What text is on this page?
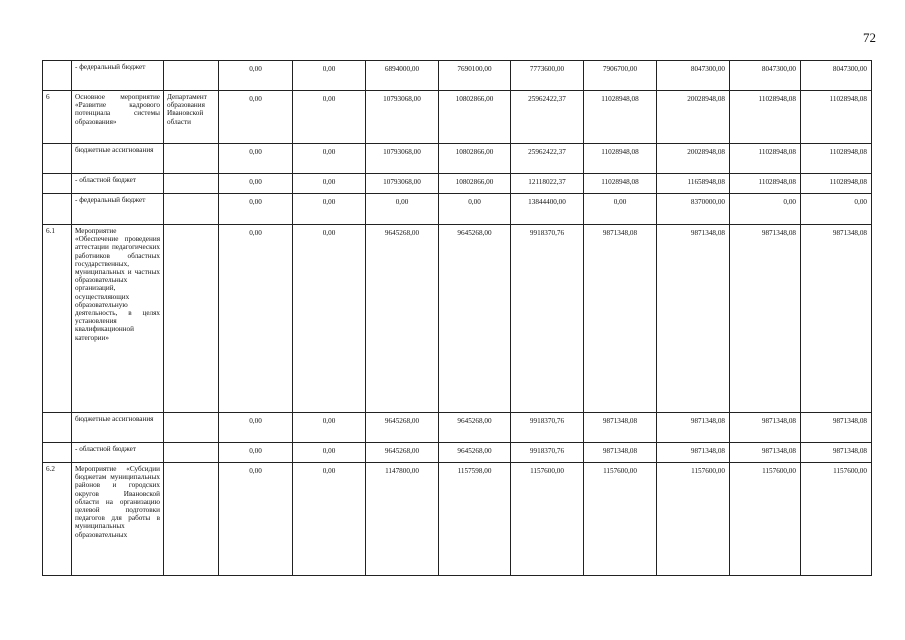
72
	- федеральный бюджет		0,00	0,00	6894000,00	7690100,00	7773600,00	7906700,00	8047300,00	8047300,00	8047300,00
6	Основное мероприятие «Развитие кадрового потенциала системы образования»	Департамент образования Ивановской области	0,00	0,00	10793068,00	10802866,00	25962422,37	11028948,08	20028948,08	11028948,08	11028948,08
	бюджетные ассигнования		0,00	0,00	10793068,00	10802866,00	25962422,37	11028948,08	20028948,08	11028948,08	11028948,08
	- областной бюджет		0,00	0,00	10793068,00	10802866,00	12118022,37	11028948,08	11658948,08	11028948,08	11028948,08
	- федеральный бюджет		0,00	0,00	0,00	0,00	13844400,00	0,00	8370000,00	0,00	0,00
6.1	Мероприятие «Обеспечение проведения аттестации педагогических работников областных государственных, муниципальных и частных образовательных организаций, осуществляющих образовательную деятельность, в целях установления квалификационной категории»		0,00	0,00	9645268,00	9645268,00	9918370,76	9871348,08	9871348,08	9871348,08	9871348,08
	бюджетные ассигнования		0,00	0,00	9645268,00	9645268,00	9918370,76	9871348,08	9871348,08	9871348,08	9871348,08
	- областной бюджет		0,00	0,00	9645268,00	9645268,00	9918370,76	9871348,08	9871348,08	9871348,08	9871348,08
6.2	Мероприятие «Субсидии бюджетам муниципальных районов и городских округов Ивановской области на организацию целевой подготовки педагогов для работы в муниципальных образовательных		0,00	0,00	1147800,00	1157598,00	1157600,00	1157600,00	1157600,00	1157600,00	1157600,00
